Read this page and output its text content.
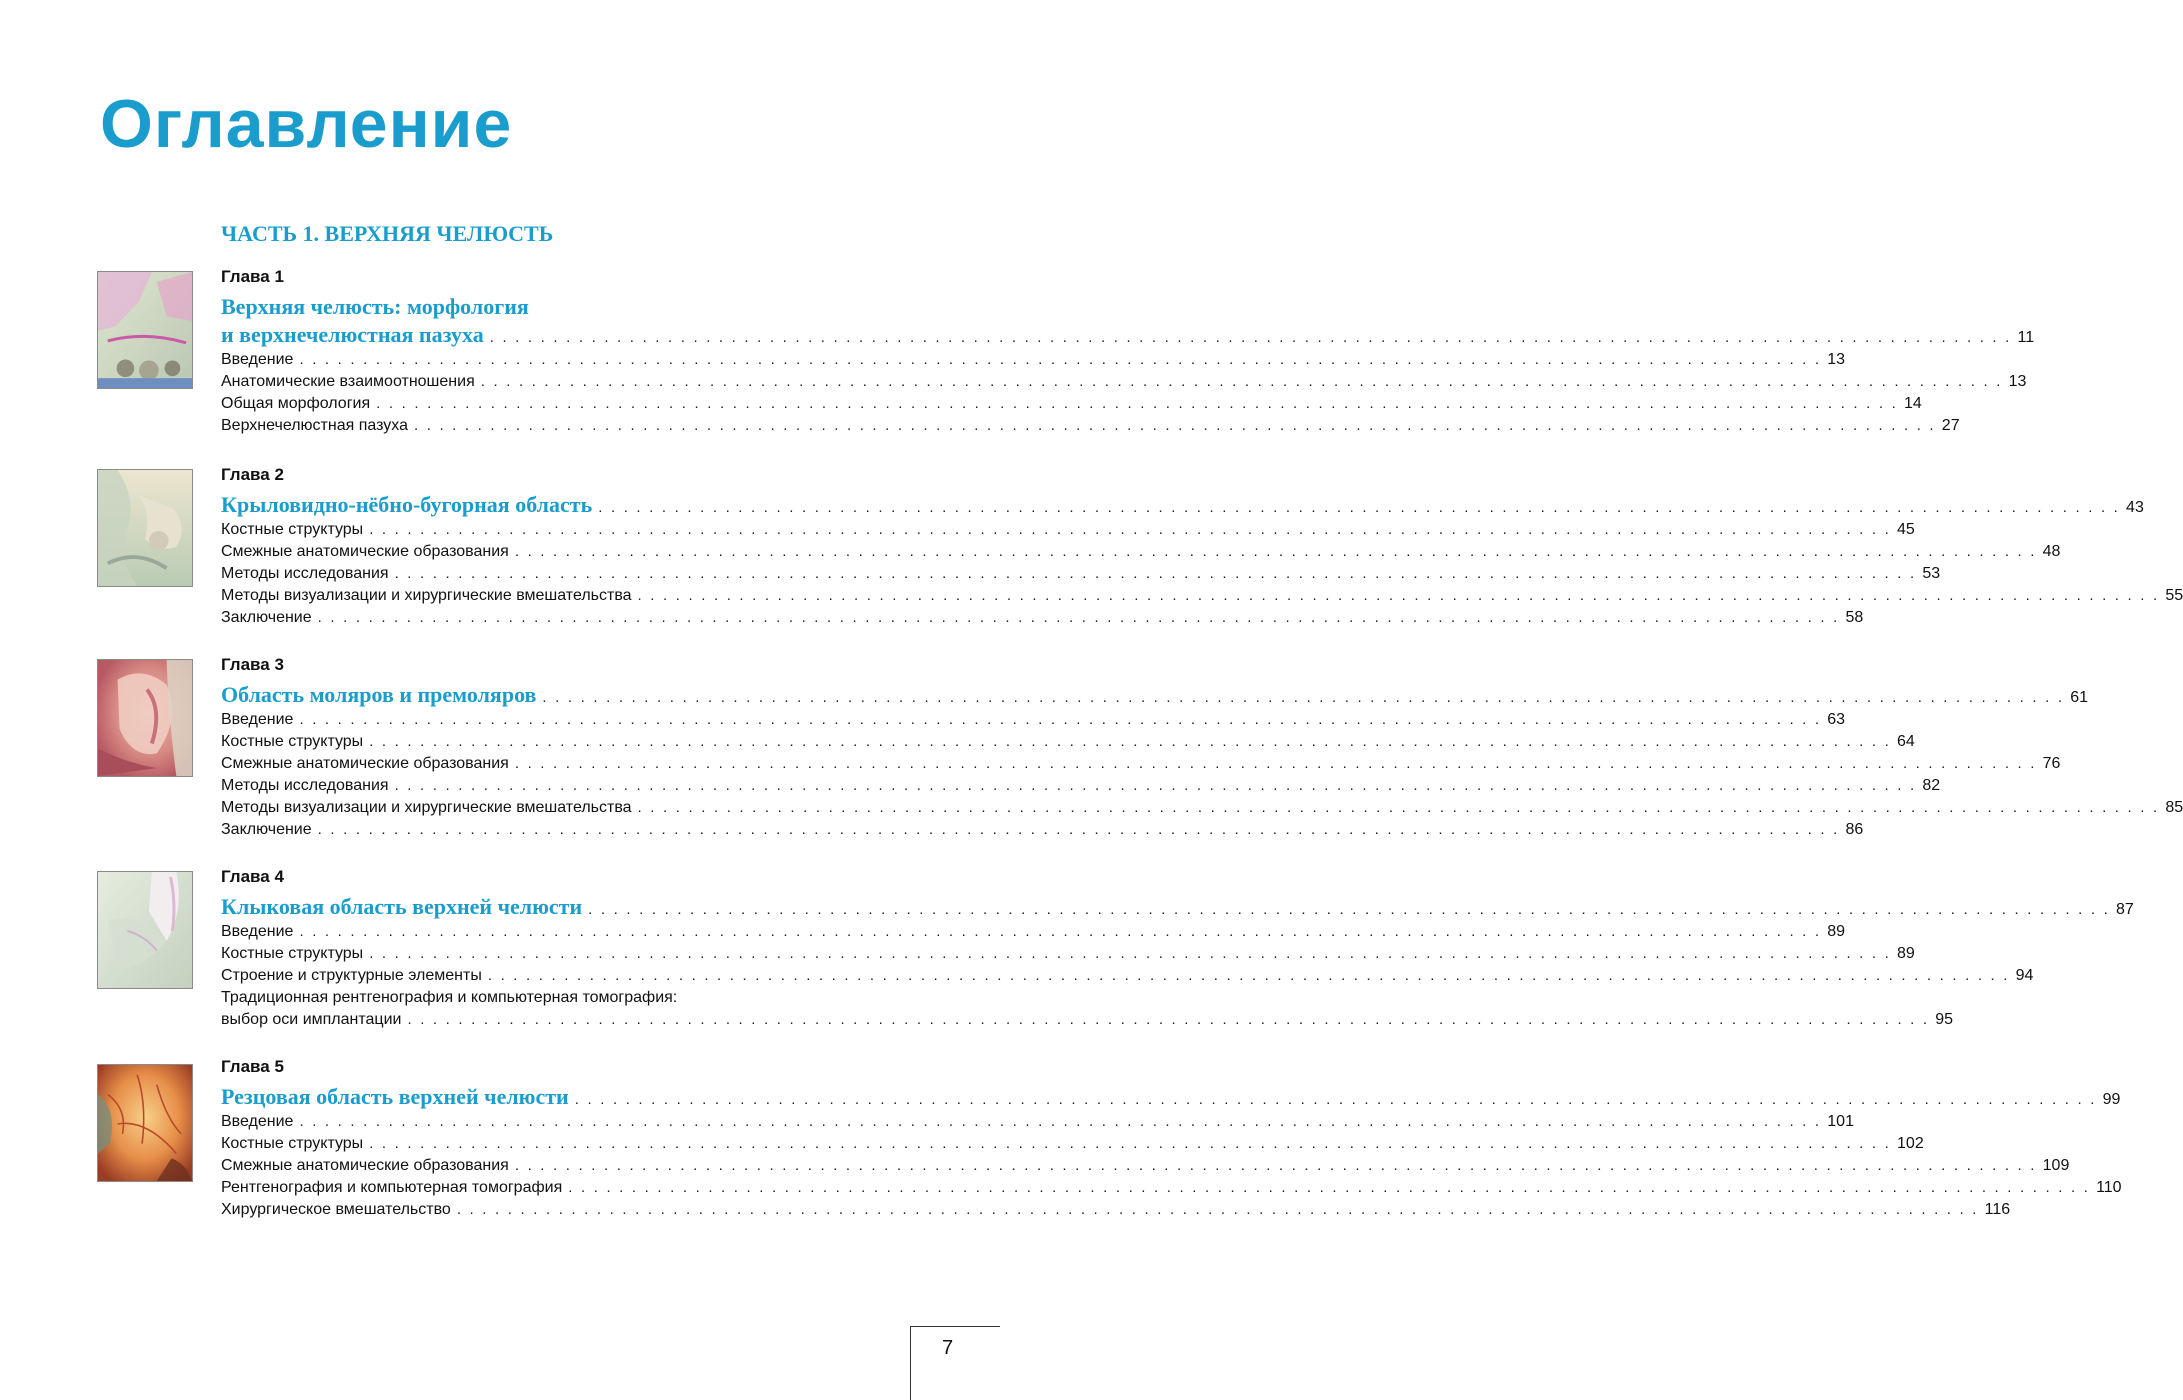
Оглавление
ЧАСТЬ 1. ВЕРХНЯЯ ЧЕЛЮСТЬ
Глава 1
Верхняя челюсть: морфология
и верхнечелюстная пазуха . . . . . . . . . . . . . . . . . . . . . . . . . . . . . . . . . . . . . . . . . . . . . . . . . . . . . . . . . . . . . . . . . . . . . . . . . . . . . . . . . . . . . . . . . . . . . . . . . . . . . . . . . . . . . . . . . . . . . . . . 11
Введение . . . . . . . . . . . . . . . . . . . . . . . . . . . . . . . . . . . . . . . . . . . . . . . . . . . . . . . . . . . . . . . . . . . . . . . . . . . . . . . . . . . . . . . . . . . . . . . . . . . . . . . . . . . . . . . . . . . . . . . . 13
Анатомические взаимоотношения . . . . . . . . . . . . . . . . . . . . . . . . . . . . . . . . . . . . . . . . . . . . . . . . . . . . . . . . . . . . . . . . . . . . . . . . . . . . . . . . . . . . . . . . . . . . . . . . . . . . . . . . . . . . . . . . . . . . . . . . 13
Общая морфология . . . . . . . . . . . . . . . . . . . . . . . . . . . . . . . . . . . . . . . . . . . . . . . . . . . . . . . . . . . . . . . . . . . . . . . . . . . . . . . . . . . . . . . . . . . . . . . . . . . . . . . . . . . . . . . . . . . . . . . . 14
Верхнечелюстная пазуха . . . . . . . . . . . . . . . . . . . . . . . . . . . . . . . . . . . . . . . . . . . . . . . . . . . . . . . . . . . . . . . . . . . . . . . . . . . . . . . . . . . . . . . . . . . . . . . . . . . . . . . . . . . . . . . . . . . . . . . . 27
Глава 2
Крыловидно-нёбно-бугорная область . . . . . . . . . . . . . . . . . . . . . . . . . . . . . . . . . . . . . . . . . . . . . . . . . . . . . . . . . . . . . . . . . . . . . . . . . . . . . . . . . . . . . . . . . . . . . . . . . . . . . . . . . . . . . . . . . . . . . . . . 43
Костные структуры . . . . . . . . . . . . . . . . . . . . . . . . . . . . . . . . . . . . . . . . . . . . . . . . . . . . . . . . . . . . . . . . . . . . . . . . . . . . . . . . . . . . . . . . . . . . . . . . . . . . . . . . . . . . . . . . . . . . . . . . 45
Смежные анатомические образования . . . . . . . . . . . . . . . . . . . . . . . . . . . . . . . . . . . . . . . . . . . . . . . . . . . . . . . . . . . . . . . . . . . . . . . . . . . . . . . . . . . . . . . . . . . . . . . . . . . . . . . . . . . . . . . . . . . . . . . . 48
Методы исследования . . . . . . . . . . . . . . . . . . . . . . . . . . . . . . . . . . . . . . . . . . . . . . . . . . . . . . . . . . . . . . . . . . . . . . . . . . . . . . . . . . . . . . . . . . . . . . . . . . . . . . . . . . . . . . . . . . . . . . . . 53
Методы визуализации и хирургические вмешательства . . . . . . . . . . . . . . . . . . . . . . . . . . . . . . . . . . . . . . . . . . . . . . . . . . . . . . . . . . . . . . . . . . . . . . . . . . . . . . . . . . . . . . . . . . . . . . . . . . . . . . . . . . . . . . . . . . . . . . . . 55
Заключение . . . . . . . . . . . . . . . . . . . . . . . . . . . . . . . . . . . . . . . . . . . . . . . . . . . . . . . . . . . . . . . . . . . . . . . . . . . . . . . . . . . . . . . . . . . . . . . . . . . . . . . . . . . . . . . . . . . . . . . . 58
Глава 3
Область моляров и премоляров . . . . . . . . . . . . . . . . . . . . . . . . . . . . . . . . . . . . . . . . . . . . . . . . . . . . . . . . . . . . . . . . . . . . . . . . . . . . . . . . . . . . . . . . . . . . . . . . . . . . . . . . . . . . . . . . . . . . . . . . 61
Введение . . . . . . . . . . . . . . . . . . . . . . . . . . . . . . . . . . . . . . . . . . . . . . . . . . . . . . . . . . . . . . . . . . . . . . . . . . . . . . . . . . . . . . . . . . . . . . . . . . . . . . . . . . . . . . . . . . . . . . . . 63
Костные структуры . . . . . . . . . . . . . . . . . . . . . . . . . . . . . . . . . . . . . . . . . . . . . . . . . . . . . . . . . . . . . . . . . . . . . . . . . . . . . . . . . . . . . . . . . . . . . . . . . . . . . . . . . . . . . . . . . . . . . . . . 64
Смежные анатомические образования . . . . . . . . . . . . . . . . . . . . . . . . . . . . . . . . . . . . . . . . . . . . . . . . . . . . . . . . . . . . . . . . . . . . . . . . . . . . . . . . . . . . . . . . . . . . . . . . . . . . . . . . . . . . . . . . . . . . . . . . 76
Методы исследования . . . . . . . . . . . . . . . . . . . . . . . . . . . . . . . . . . . . . . . . . . . . . . . . . . . . . . . . . . . . . . . . . . . . . . . . . . . . . . . . . . . . . . . . . . . . . . . . . . . . . . . . . . . . . . . . . . . . . . . . 82
Методы визуализации и хирургические вмешательства . . . . . . . . . . . . . . . . . . . . . . . . . . . . . . . . . . . . . . . . . . . . . . . . . . . . . . . . . . . . . . . . . . . . . . . . . . . . . . . . . . . . . . . . . . . . . . . . . . . . . . . . . . . . . . . . . . . . . . . . 85
Заключение . . . . . . . . . . . . . . . . . . . . . . . . . . . . . . . . . . . . . . . . . . . . . . . . . . . . . . . . . . . . . . . . . . . . . . . . . . . . . . . . . . . . . . . . . . . . . . . . . . . . . . . . . . . . . . . . . . . . . . . . 86
Глава 4
Клыковая область верхней челюсти . . . . . . . . . . . . . . . . . . . . . . . . . . . . . . . . . . . . . . . . . . . . . . . . . . . . . . . . . . . . . . . . . . . . . . . . . . . . . . . . . . . . . . . . . . . . . . . . . . . . . . . . . . . . . . . . . . . . . . . . 87
Введение . . . . . . . . . . . . . . . . . . . . . . . . . . . . . . . . . . . . . . . . . . . . . . . . . . . . . . . . . . . . . . . . . . . . . . . . . . . . . . . . . . . . . . . . . . . . . . . . . . . . . . . . . . . . . . . . . . . . . . . . 89
Костные структуры . . . . . . . . . . . . . . . . . . . . . . . . . . . . . . . . . . . . . . . . . . . . . . . . . . . . . . . . . . . . . . . . . . . . . . . . . . . . . . . . . . . . . . . . . . . . . . . . . . . . . . . . . . . . . . . . . . . . . . . . 89
Строение и структурные элементы . . . . . . . . . . . . . . . . . . . . . . . . . . . . . . . . . . . . . . . . . . . . . . . . . . . . . . . . . . . . . . . . . . . . . . . . . . . . . . . . . . . . . . . . . . . . . . . . . . . . . . . . . . . . . . . . . . . . . . . . 94
Традиционная рентгенография и компьютерная томография:
выбор оси имплантации . . . . . . . . . . . . . . . . . . . . . . . . . . . . . . . . . . . . . . . . . . . . . . . . . . . . . . . . . . . . . . . . . . . . . . . . . . . . . . . . . . . . . . . . . . . . . . . . . . . . . . . . . . . . . . . . . . . . . . . . 95
Глава 5
Резцовая область верхней челюсти . . . . . . . . . . . . . . . . . . . . . . . . . . . . . . . . . . . . . . . . . . . . . . . . . . . . . . . . . . . . . . . . . . . . . . . . . . . . . . . . . . . . . . . . . . . . . . . . . . . . . . . . . . . . . . . . . . . . . . . . 99
Введение . . . . . . . . . . . . . . . . . . . . . . . . . . . . . . . . . . . . . . . . . . . . . . . . . . . . . . . . . . . . . . . . . . . . . . . . . . . . . . . . . . . . . . . . . . . . . . . . . . . . . . . . . . . . . . . . . . . . . . . . 101
Костные структуры . . . . . . . . . . . . . . . . . . . . . . . . . . . . . . . . . . . . . . . . . . . . . . . . . . . . . . . . . . . . . . . . . . . . . . . . . . . . . . . . . . . . . . . . . . . . . . . . . . . . . . . . . . . . . . . . . . . . . . . . 102
Смежные анатомические образования . . . . . . . . . . . . . . . . . . . . . . . . . . . . . . . . . . . . . . . . . . . . . . . . . . . . . . . . . . . . . . . . . . . . . . . . . . . . . . . . . . . . . . . . . . . . . . . . . . . . . . . . . . . . . . . . . . . . . . . . 109
Рентгенография и компьютерная томография . . . . . . . . . . . . . . . . . . . . . . . . . . . . . . . . . . . . . . . . . . . . . . . . . . . . . . . . . . . . . . . . . . . . . . . . . . . . . . . . . . . . . . . . . . . . . . . . . . . . . . . . . . . . . . . . . . . . . . . . 110
Хирургическое вмешательство . . . . . . . . . . . . . . . . . . . . . . . . . . . . . . . . . . . . . . . . . . . . . . . . . . . . . . . . . . . . . . . . . . . . . . . . . . . . . . . . . . . . . . . . . . . . . . . . . . . . . . . . . . . . . . . . . . . . . . . . 116
7
